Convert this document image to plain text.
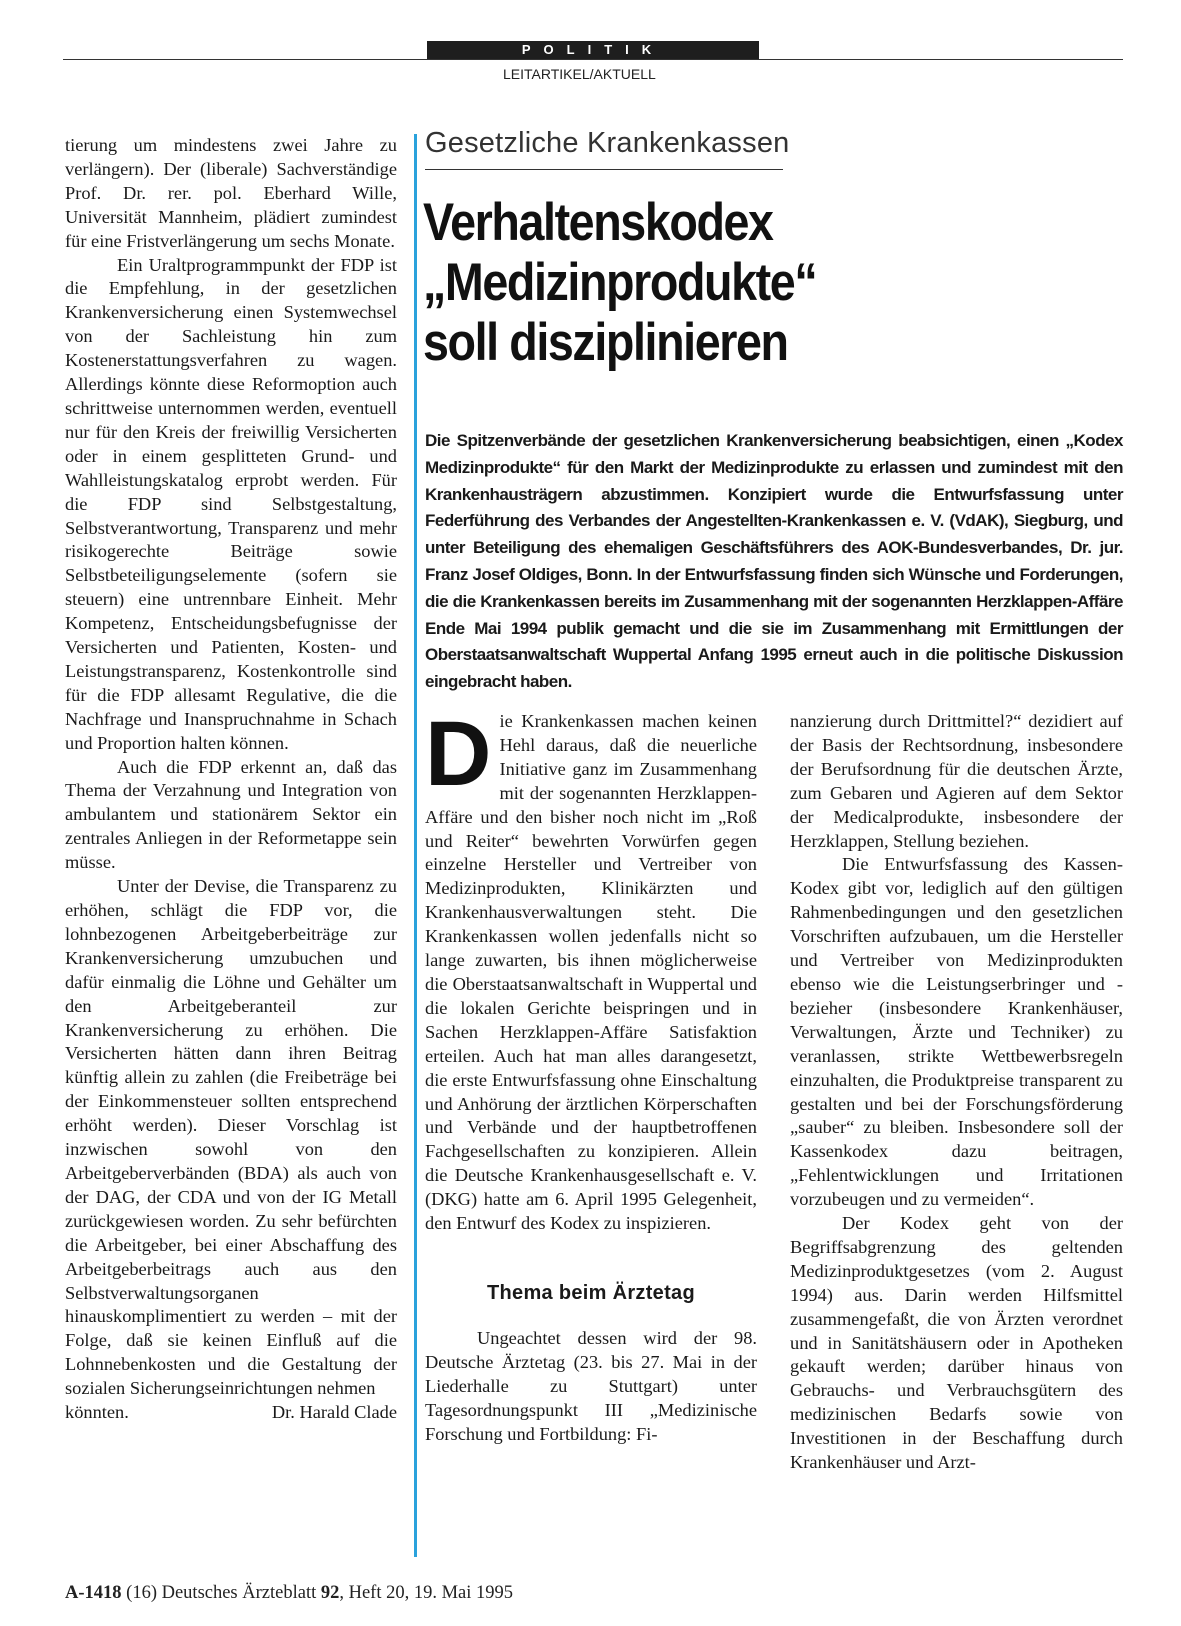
POLITIK
LEITARTIKEL/AKTUELL

tierung um mindestens zwei Jahre zu verlängern). Der (liberale) Sachverständige Prof. Dr. rer. pol. Eberhard Wille, Universität Mannheim, plädiert zumindest für eine Fristverlängerung um sechs Monate.

Ein Uraltprogrammpunkt der FDP ist die Empfehlung, in der gesetzlichen Krankenversicherung einen Systemwechsel von der Sachleistung hin zum Kostenerstattungsverfahren zu wagen. Allerdings könnte diese Reformoption auch schrittweise unternommen werden, eventuell nur für den Kreis der freiwillig Versicherten oder in einem gesplitteten Grund- und Wahlleistungskatalog erprobt werden. Für die FDP sind Selbstgestaltung, Selbstverantwortung, Transparenz und mehr risikogerechte Beiträge sowie Selbstbeteiligungselemente (sofern sie steuern) eine untrennbare Einheit. Mehr Kompetenz, Entscheidungsbefugnisse der Versicherten und Patienten, Kosten- und Leistungstransparenz, Kostenkontrolle sind für die FDP allesamt Regulative, die die Nachfrage und Inanspruchnahme in Schach und Proportion halten können.

Auch die FDP erkennt an, daß das Thema der Verzahnung und Integration von ambulantem und stationärem Sektor ein zentrales Anliegen in der Reformetappe sein müsse.

Unter der Devise, die Transparenz zu erhöhen, schlägt die FDP vor, die lohnbezogenen Arbeitgeberbeiträge zur Krankenversicherung umzubuchen und dafür einmalig die Löhne und Gehälter um den Arbeitgeberanteil zur Krankenversicherung zu erhöhen. Die Versicherten hätten dann ihren Beitrag künftig allein zu zahlen (die Freibeträge bei der Einkommensteuer sollten entsprechend erhöht werden). Dieser Vorschlag ist inzwischen sowohl von den Arbeitgeberverbänden (BDA) als auch von der DAG, der CDA und von der IG Metall zurückgewiesen worden. Zu sehr befürchten die Arbeitgeber, bei einer Abschaffung des Arbeitgeberbeitrags auch aus den Selbstverwaltungsorganen hinauskomplimentiert zu werden – mit der Folge, daß sie keinen Einfluß auf die Lohnnebenkosten und die Gestaltung der sozialen Sicherungseinrichtungen nehmen

könnten.	Dr. Harald Clade
Gesetzliche Krankenkassen
Verhaltenskodex
„Medizinprodukte“
soll disziplinieren
Die Spitzenverbände der gesetzlichen Krankenversicherung beabsichtigen, einen „Kodex Medizinprodukte“ für den Markt der Medizinprodukte zu erlassen und zumindest mit den Krankenhausträgern abzustimmen. Konzipiert wurde die Entwurfsfassung unter Federführung des Verbandes der Angestellten-Krankenkassen e. V. (VdAK), Siegburg, und unter Beteiligung des ehemaligen Geschäftsführers des AOK-Bundesverbandes, Dr. jur. Franz Josef Oldiges, Bonn. In der Entwurfsfassung finden sich Wünsche und Forderungen, die die Krankenkassen bereits im Zusammenhang mit der sogenannten Herzklappen-Affäre Ende Mai 1994 publik gemacht und die sie im Zusammenhang mit Ermittlungen der Oberstaatsanwaltschaft Wuppertal Anfang 1995 erneut auch in die politische Diskussion eingebracht haben.

Die Krankenkassen machen keinen Hehl daraus, daß die neuerliche Initiative ganz im Zusammenhang mit der sogenannten Herzklappen-Affäre und den bisher noch nicht im „Roß und Reiter“ bewehrten Vorwürfen gegen einzelne Hersteller und Vertreiber von Medizinprodukten, Klinikärzten und Krankenhausverwaltungen steht. Die Krankenkassen wollen jedenfalls nicht so lange zuwarten, bis ihnen möglicherweise die Oberstaatsanwaltschaft in Wuppertal und die lokalen Gerichte beispringen und in Sachen Herzklappen-Affäre Satisfaktion erteilen. Auch hat man alles darangesetzt, die erste Entwurfsfassung ohne Einschaltung und Anhörung der ärztlichen Körperschaften und Verbände und der hauptbetroffenen Fachgesellschaften zu konzipieren. Allein die Deutsche Krankenhausgesellschaft e. V. (DKG) hatte am 6. April 1995 Gelegenheit, den Entwurf des Kodex zu inspizieren.

Thema beim Ärztetag

Ungeachtet dessen wird der 98. Deutsche Ärztetag (23. bis 27. Mai in der Liederhalle zu Stuttgart) unter Tagesordnungspunkt III „Medizinische Forschung und Fortbildung: Fi-

nanzierung durch Drittmittel?“ dezidiert auf der Basis der Rechtsordnung, insbesondere der Berufsordnung für die deutschen Ärzte, zum Gebaren und Agieren auf dem Sektor der Medicalprodukte, insbesondere der Herzklappen, Stellung beziehen.

Die Entwurfsfassung des Kassen-Kodex gibt vor, lediglich auf den gültigen Rahmenbedingungen und den gesetzlichen Vorschriften aufzubauen, um die Hersteller und Vertreiber von Medizinprodukten ebenso wie die Leistungserbringer und -bezieher (insbesondere Krankenhäuser, Verwaltungen, Ärzte und Techniker) zu veranlassen, strikte Wettbewerbsregeln einzuhalten, die Produktpreise transparent zu gestalten und bei der Forschungsförderung „sauber“ zu bleiben. Insbesondere soll der Kassenkodex dazu beitragen, „Fehlentwicklungen und Irritationen vorzubeugen und zu vermeiden“.

Der Kodex geht von der Begriffsabgrenzung des geltenden Medizinproduktgesetzes (vom 2. August 1994) aus. Darin werden Hilfsmittel zusammengefaßt, die von Ärzten verordnet und in Sanitätshäusern oder in Apotheken gekauft werden; darüber hinaus von Gebrauchs- und Verbrauchsgütern des medizinischen Bedarfs sowie von Investitionen in der Beschaffung durch Krankenhäuser und Arzt-

A-1418 (16) Deutsches Ärzteblatt 92, Heft 20, 19. Mai 1995
